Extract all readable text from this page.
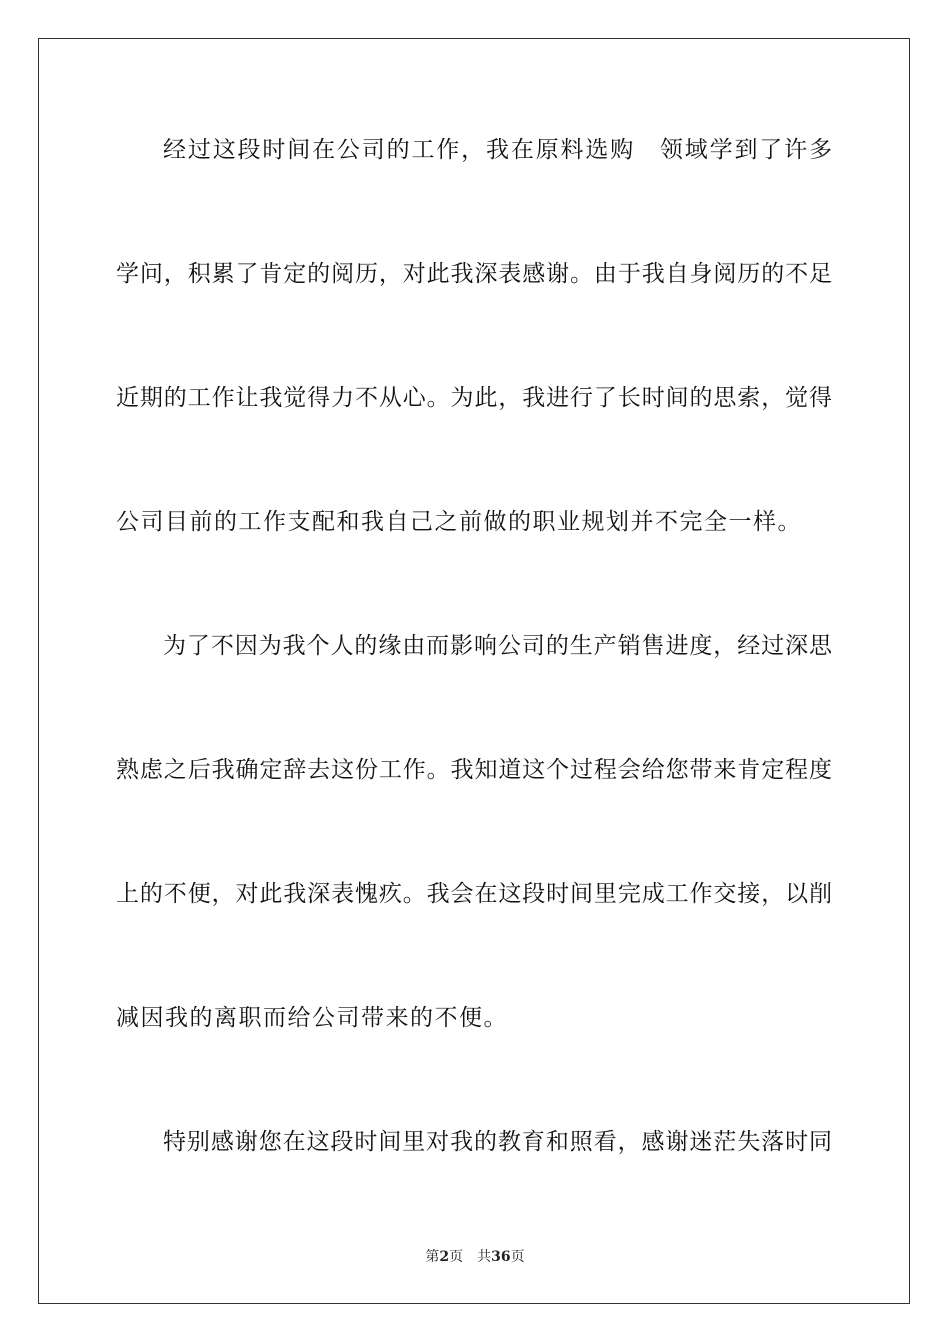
经过这段时间在公司的工作，我在原料选购　领域学到了许多
学问，积累了肯定的阅历，对此我深表感谢。由于我自身阅历的不足
近期的工作让我觉得力不从心。为此，我进行了长时间的思索，觉得
公司目前的工作支配和我自己之前做的职业规划并不完全一样。
为了不因为我个人的缘由而影响公司的生产销售进度，经过深思
熟虑之后我确定辞去这份工作。我知道这个过程会给您带来肯定程度
上的不便，对此我深表愧疚。我会在这段时间里完成工作交接，以削
减因我的离职而给公司带来的不便。
特别感谢您在这段时间里对我的教育和照看，感谢迷茫失落时同
第2页 共36页
